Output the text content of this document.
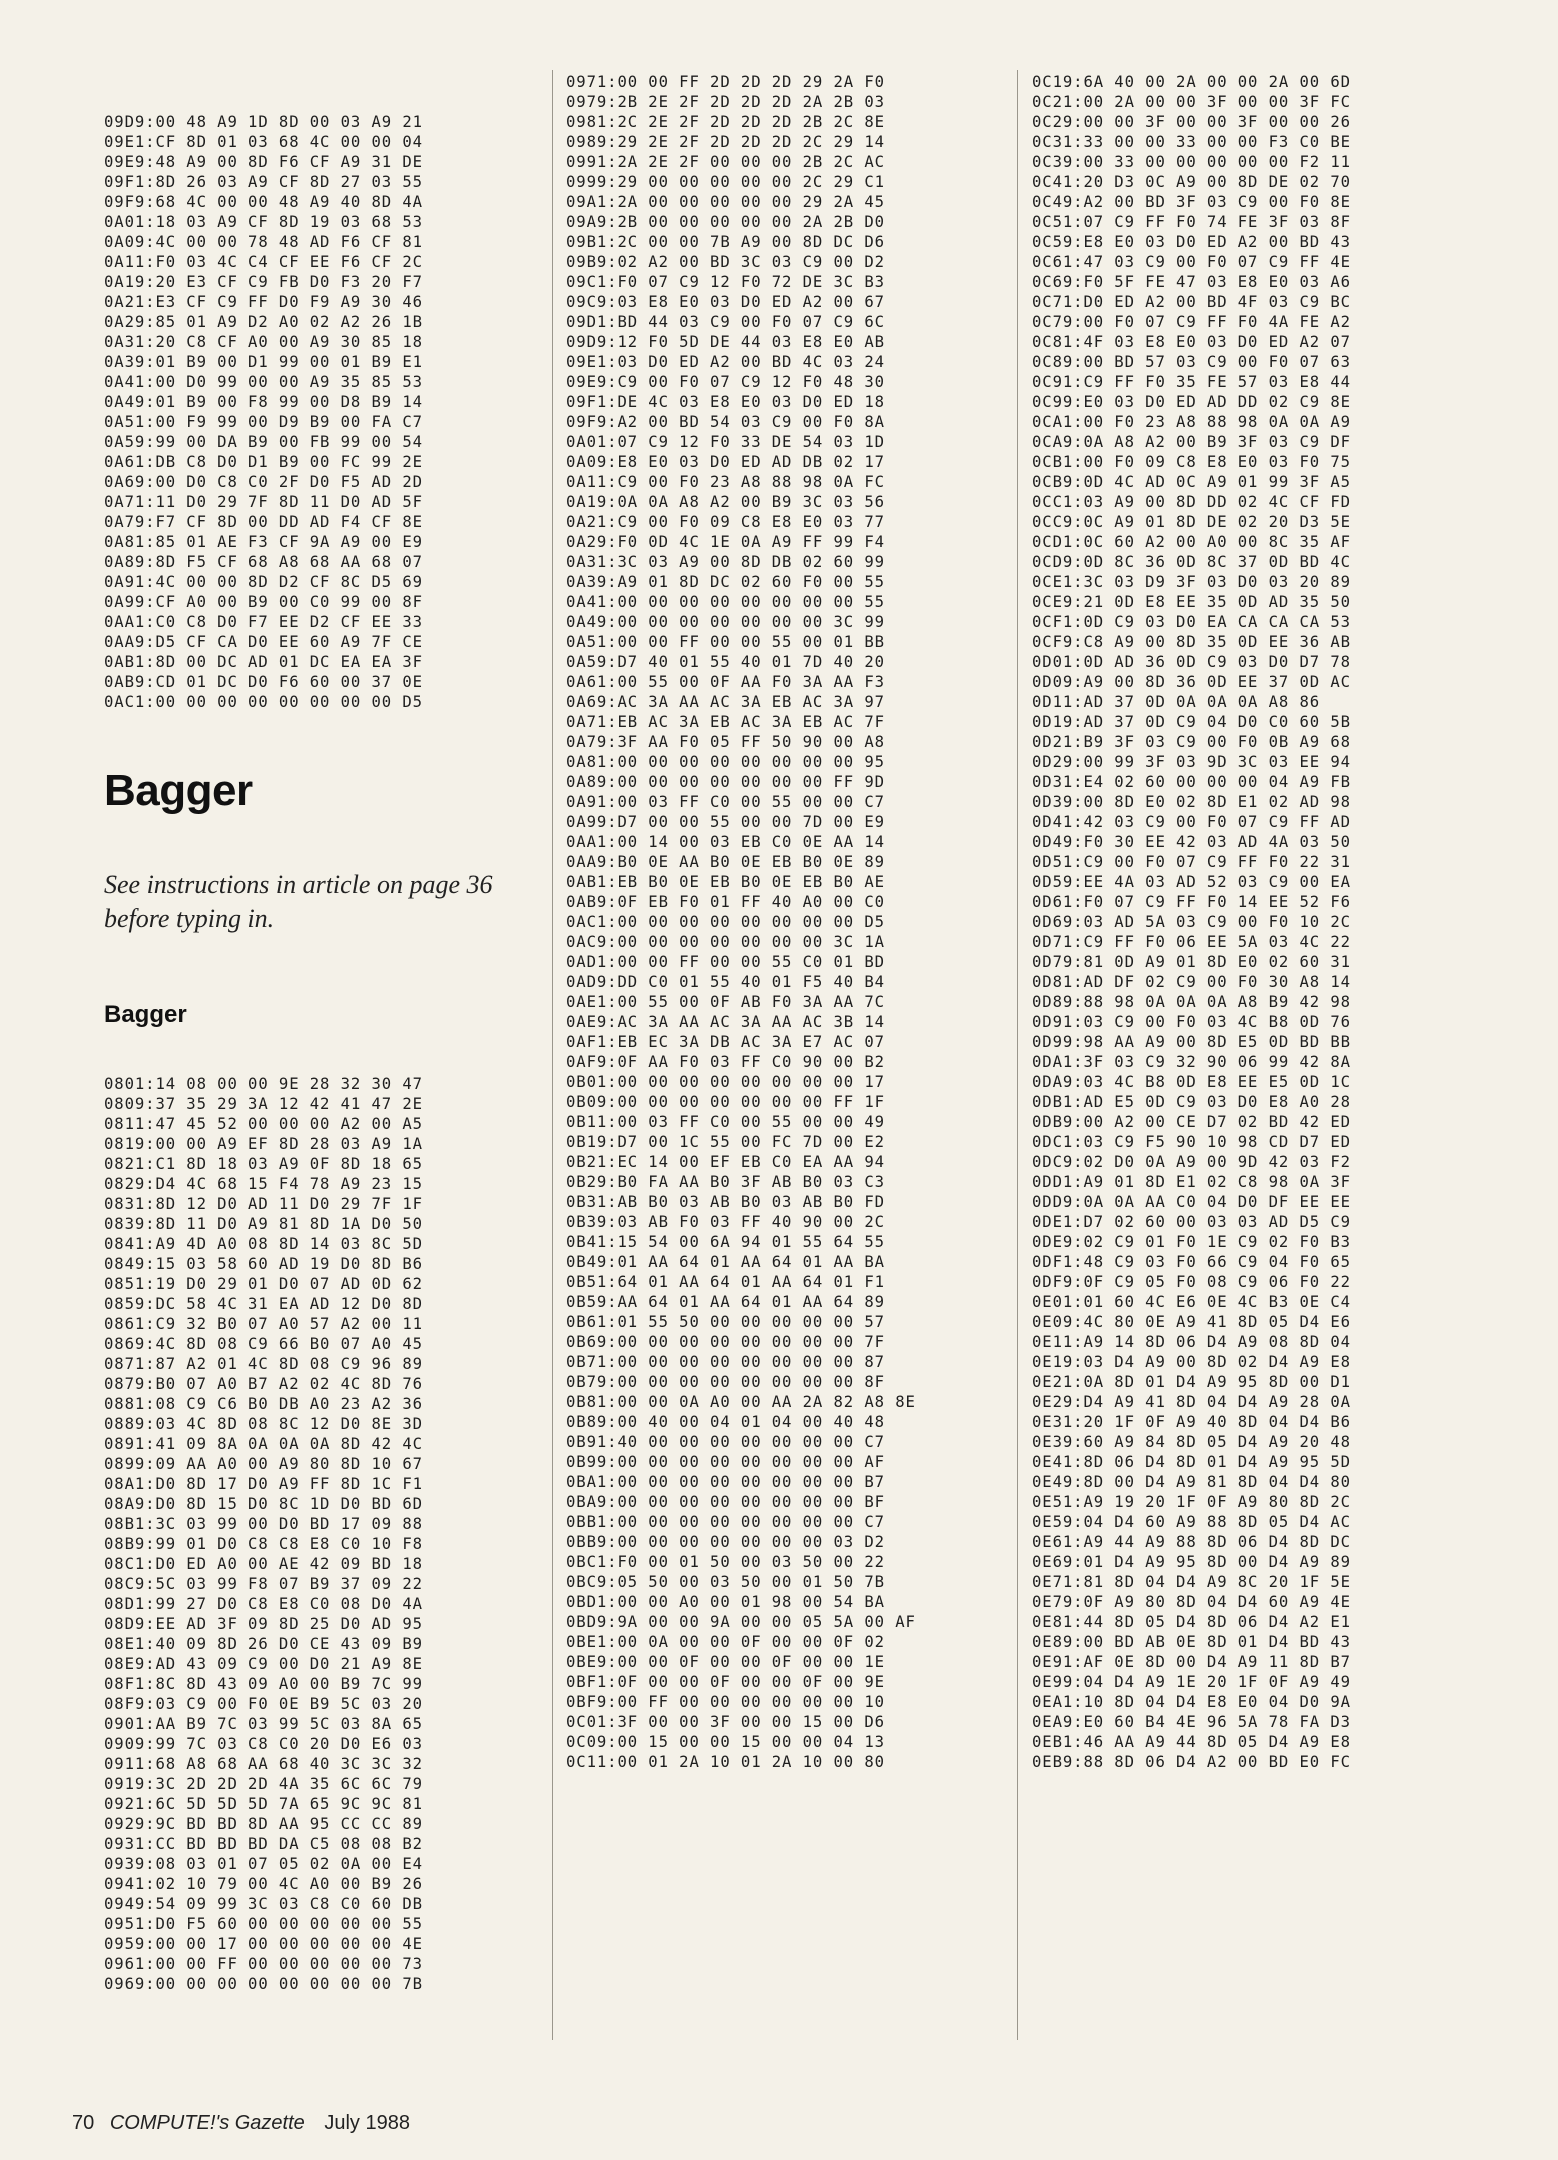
09D9:00 48 A9 1D 8D 00 03 A9 21
09E1:CF 8D 01 03 68 4C 00 00 04
09E9:48 A9 00 8D F6 CF A9 31 DE
09F1:8D 26 03 A9 CF 8D 27 03 55
09F9:68 4C 00 00 48 A9 40 8D 4A
0A01:18 03 A9 CF 8D 19 03 68 53
0A09:4C 00 00 78 48 AD F6 CF 81
0A11:F0 03 4C C4 CF EE F6 CF 2C
0A19:20 E3 CF C9 FB D0 F3 20 F7
0A21:E3 CF C9 FF D0 F9 A9 30 46
0A29:85 01 A9 D2 A0 02 A2 26 1B
0A31:20 C8 CF A0 00 A9 30 85 18
0A39:01 B9 00 D1 99 00 01 B9 E1
0A41:00 D0 99 00 00 A9 35 85 53
0A49:01 B9 00 F8 99 00 D8 B9 14
0A51:00 F9 99 00 D9 B9 00 FA C7
0A59:99 00 DA B9 00 FB 99 00 54
0A61:DB C8 D0 D1 B9 00 FC 99 2E
0A69:00 D0 C8 C0 2F D0 F5 AD 2D
0A71:11 D0 29 7F 8D 11 D0 AD 5F
0A79:F7 CF 8D 00 DD AD F4 CF 8E
0A81:85 01 AE F3 CF 9A A9 00 E9
0A89:8D F5 CF 68 A8 68 AA 68 07
0A91:4C 00 00 8D D2 CF 8C D5 69
0A99:CF A0 00 B9 00 C0 99 00 8F
0AA1:C0 C8 D0 F7 EE D2 CF EE 33
0AA9:D5 CF CA D0 EE 60 A9 7F CE
0AB1:8D 00 DC AD 01 DC EA EA 3F
0AB9:CD 01 DC D0 F6 60 00 37 0E
0AC1:00 00 00 00 00 00 00 00 D5

Bagger

See instructions in article on page 36 before typing in.

Bagger

0801:14 08 00 00 9E 28 32 30 47
0809:37 35 29 3A 12 42 41 47 2E
0811:47 45 52 00 00 00 A2 00 A5
0819:00 00 A9 EF 8D 28 03 A9 1A
0821:C1 8D 18 03 A9 0F 8D 18 65
0829:D4 4C 68 15 F4 78 A9 23 15
0831:8D 12 D0 AD 11 D0 29 7F 1F
0839:8D 11 D0 A9 81 8D 1A D0 50
0841:A9 4D A0 08 8D 14 03 8C 5D
0849:15 03 58 60 AD 19 D0 8D B6
0851:19 D0 29 01 D0 07 AD 0D 62
0859:DC 58 4C 31 EA AD 12 D0 8D
0861:C9 32 B0 07 A0 57 A2 00 11
0869:4C 8D 08 C9 66 B0 07 A0 45
0871:87 A2 01 4C 8D 08 C9 96 89
0879:B0 07 A0 B7 A2 02 4C 8D 76
0881:08 C9 C6 B0 DB A0 23 A2 36
0889:03 4C 8D 08 8C 12 D0 8E 3D
0891:41 09 8A 0A 0A 0A 8D 42 4C
0899:09 AA A0 00 A9 80 8D 10 67
08A1:D0 8D 17 D0 A9 FF 8D 1C F1
08A9:D0 8D 15 D0 8C 1D D0 BD 6D
08B1:3C 03 99 00 D0 BD 17 09 88
08B9:99 01 D0 C8 C8 E8 C0 10 F8
08C1:D0 ED A0 00 AE 42 09 BD 18
08C9:5C 03 99 F8 07 B9 37 09 22
08D1:99 27 D0 C8 E8 C0 08 D0 4A
08D9:EE AD 3F 09 8D 25 D0 AD 95
08E1:40 09 8D 26 D0 CE 43 09 B9
08E9:AD 43 09 C9 00 D0 21 A9 8E
08F1:8C 8D 43 09 A0 00 B9 7C 99
08F9:03 C9 00 F0 0E B9 5C 03 20
0901:AA B9 7C 03 99 5C 03 8A 65
0909:99 7C 03 C8 C0 20 D0 E6 03
0911:68 A8 68 AA 68 40 3C 3C 32
0919:3C 2D 2D 2D 4A 35 6C 6C 79
0921:6C 5D 5D 5D 7A 65 9C 9C 81
0929:9C BD BD 8D AA 95 CC CC 89
0931:CC BD BD BD DA C5 08 08 B2
0939:08 03 01 07 05 02 0A 00 E4
0941:02 10 79 00 4C A0 00 B9 26
0949:54 09 99 3C 03 C8 C0 60 DB
0951:D0 F5 60 00 00 00 00 00 55
0959:00 00 17 00 00 00 00 00 4E
0961:00 00 FF 00 00 00 00 00 73
0969:00 00 00 00 00 00 00 00 7B

0971:00 00 FF 2D 2D 2D 29 2A F0
0979:2B 2E 2F 2D 2D 2D 2A 2B 03
0981:2C 2E 2F 2D 2D 2D 2B 2C 8E
0989:29 2E 2F 2D 2D 2D 2C 29 14
0991:2A 2E 2F 00 00 00 2B 2C AC
0999:29 00 00 00 00 00 2C 29 C1
09A1:2A 00 00 00 00 00 29 2A 45
09A9:2B 00 00 00 00 00 2A 2B D0
09B1:2C 00 00 7B A9 00 8D DC D6
09B9:02 A2 00 BD 3C 03 C9 00 D2
09C1:F0 07 C9 12 F0 72 DE 3C B3
09C9:03 E8 E0 03 D0 ED A2 00 67
09D1:BD 44 03 C9 00 F0 07 C9 6C
09D9:12 F0 5D DE 44 03 E8 E0 AB
09E1:03 D0 ED A2 00 BD 4C 03 24
09E9:C9 00 F0 07 C9 12 F0 48 30
09F1:DE 4C 03 E8 E0 03 D0 ED 18
09F9:A2 00 BD 54 03 C9 00 F0 8A
0A01:07 C9 12 F0 33 DE 54 03 1D
0A09:E8 E0 03 D0 ED AD DB 02 17
0A11:C9 00 F0 23 A8 88 98 0A FC
0A19:0A 0A A8 A2 00 B9 3C 03 56
0A21:C9 00 F0 09 C8 E8 E0 03 77
0A29:F0 0D 4C 1E 0A A9 FF 99 F4
0A31:3C 03 A9 00 8D DB 02 60 99
0A39:A9 01 8D DC 02 60 F0 00 55
0A41:00 00 00 00 00 00 00 00 55
0A49:00 00 00 00 00 00 00 3C 99
0A51:00 00 FF 00 00 55 00 01 BB
0A59:D7 40 01 55 40 01 7D 40 20
0A61:00 55 00 0F AA F0 3A AA F3
0A69:AC 3A AA AC 3A EB AC 3A 97
0A71:EB AC 3A EB AC 3A EB AC 7F
0A79:3F AA F0 05 FF 50 90 00 A8
0A81:00 00 00 00 00 00 00 00 95
0A89:00 00 00 00 00 00 00 FF 9D
0A91:00 03 FF C0 00 55 00 00 C7
0A99:D7 00 00 55 00 00 7D 00 E9
0AA1:00 14 00 03 EB C0 0E AA 14
0AA9:B0 0E AA B0 0E EB B0 0E 89
0AB1:EB B0 0E EB B0 0E EB B0 AE
0AB9:0F EB F0 01 FF 40 A0 00 C0
0AC1:00 00 00 00 00 00 00 00 D5
0AC9:00 00 00 00 00 00 00 3C 1A
0AD1:00 00 FF 00 00 55 C0 01 BD
0AD9:DD C0 01 55 40 01 F5 40 B4
0AE1:00 55 00 0F AB F0 3A AA 7C
0AE9:AC 3A AA AC 3A AA AC 3B 14
0AF1:EB EC 3A DB AC 3A E7 AC 07
0AF9:0F AA F0 03 FF C0 90 00 B2
0B01:00 00 00 00 00 00 00 00 17
0B09:00 00 00 00 00 00 00 FF 1F
0B11:00 03 FF C0 00 55 00 00 49
0B19:D7 00 1C 55 00 FC 7D 00 E2
0B21:EC 14 00 EF EB C0 EA AA 94
0B29:B0 FA AA B0 3F AB B0 03 C3
0B31:AB B0 03 AB B0 03 AB B0 FD
0B39:03 AB F0 03 FF 40 90 00 2C
0B41:15 54 00 6A 94 01 55 64 55
0B49:01 AA 64 01 AA 64 01 AA BA
0B51:64 01 AA 64 01 AA 64 01 F1
0B59:AA 64 01 AA 64 01 AA 64 89
0B61:01 55 50 00 00 00 00 00 57
0B69:00 00 00 00 00 00 00 00 7F
0B71:00 00 00 00 00 00 00 00 87
0B79:00 00 00 00 00 00 00 00 8F
0B81:00 00 0A A0 00 AA 2A 82 A8 8E
0B89:00 40 00 04 01 04 00 40 48
0B91:40 00 00 00 00 00 00 00 C7
0B99:00 00 00 00 00 00 00 00 AF
0BA1:00 00 00 00 00 00 00 00 B7
0BA9:00 00 00 00 00 00 00 00 BF
0BB1:00 00 00 00 00 00 00 00 C7
0BB9:00 00 00 00 00 00 00 03 D2
0BC1:F0 00 01 50 00 03 50 00 22
0BC9:05 50 00 03 50 00 01 50 7B
0BD1:00 00 A0 00 01 98 00 54 BA
0BD9:9A 00 00 9A 00 00 05 5A 00 AF
0BE1:00 0A 00 00 0F 00 00 0F 02
0BE9:00 00 0F 00 00 0F 00 00 1E
0BF1:0F 00 00 0F 00 00 0F 00 9E
0BF9:00 FF 00 00 00 00 00 00 10
0C01:3F 00 00 3F 00 00 15 00 D6
0C09:00 15 00 00 15 00 00 04 13
0C11:00 01 2A 10 01 2A 10 00 80
0C19:6A 40 00 2A 00 00 2A 00 6D
0C21:00 2A 00 00 3F 00 00 3F FC
0C29:00 00 3F 00 00 3F 00 00 26
0C31:33 00 00 33 00 00 F3 C0 BE
0C39:00 33 00 00 00 00 00 F2 11
0C41:20 D3 0C A9 00 8D DE 02 70
0C49:A2 00 BD 3F 03 C9 00 F0 8E
0C51:07 C9 FF F0 74 FE 3F 03 8F
0C59:E8 E0 03 D0 ED A2 00 BD 43
0C61:47 03 C9 00 F0 07 C9 FF 4E
0C69:F0 5F FE 47 03 E8 E0 03 A6
0C71:D0 ED A2 00 BD 4F 03 C9 BC
0C79:00 F0 07 C9 FF F0 4A FE A2
0C81:4F 03 E8 E0 03 D0 ED A2 07
0C89:00 BD 57 03 C9 00 F0 07 63
0C91:C9 FF F0 35 FE 57 03 E8 44
0C99:E0 03 D0 ED AD DD 02 C9 8E
0CA1:00 F0 23 A8 88 98 0A 0A A9
0CA9:0A A8 A2 00 B9 3F 03 C9 DF
0CB1:00 F0 09 C8 E8 E0 03 F0 75
0CB9:0D 4C AD 0C A9 01 99 3F A5
0CC1:03 A9 00 8D DD 02 4C CF FD
0CC9:0C A9 01 8D DE 02 20 D3 5E
0CD1:0C 60 A2 00 A0 00 8C 35 AF
0CD9:0D 8C 36 0D 8C 37 0D BD 4C
0CE1:3C 03 D9 3F 03 D0 03 20 89
0CE9:21 0D E8 EE 35 0D AD 35 50
0CF1:0D C9 03 D0 EA CA CA CA 53
0CF9:C8 A9 00 8D 35 0D EE 36 AB
0D01:0D AD 36 0D C9 03 D0 D7 78
0D09:A9 00 8D 36 0D EE 37 0D AC
0D11:AD 37 0D 0A 0A 0A A8 86
0D19:AD 37 0D C9 04 D0 C0 60 5B
0D21:B9 3F 03 C9 00 F0 0B A9 68
0D29:00 99 3F 03 9D 3C 03 EE 94
0D31:E4 02 60 00 00 00 04 A9 FB
0D39:00 8D E0 02 8D E1 02 AD 98
0D41:42 03 C9 00 F0 07 C9 FF AD
0D49:F0 30 EE 42 03 AD 4A 03 50
0D51:C9 00 F0 07 C9 FF F0 22 31
0D59:EE 4A 03 AD 52 03 C9 00 EA
0D61:F0 07 C9 FF F0 14 EE 52 F6
0D69:03 AD 5A 03 C9 00 F0 10 2C
0D71:C9 FF F0 06 EE 5A 03 4C 22
0D79:81 0D A9 01 8D E0 02 60 31
0D81:AD DF 02 C9 00 F0 30 A8 14
0D89:88 98 0A 0A 0A A8 B9 42 98
0D91:03 C9 00 F0 03 4C B8 0D 76
0D99:98 AA A9 00 8D E5 0D BD BB
0DA1:3F 03 C9 32 90 06 99 42 8A
0DA9:03 4C B8 0D E8 EE E5 0D 1C
0DB1:AD E5 0D C9 03 D0 E8 A0 28
0DB9:00 A2 00 CE D7 02 BD 42 ED
0DC1:03 C9 F5 90 10 98 CD D7 ED
0DC9:02 D0 0A A9 00 9D 42 03 F2
0DD1:A9 01 8D E1 02 C8 98 0A 3F
0DD9:0A 0A AA C0 04 D0 DF EE EE
0DE1:D7 02 60 00 03 03 AD D5 C9
0DE9:02 C9 01 F0 1E C9 02 F0 B3
0DF1:48 C9 03 F0 66 C9 04 F0 65
0DF9:0F C9 05 F0 08 C9 06 F0 22
0E01:01 60 4C E6 0E 4C B3 0E C4
0E09:4C 80 0E A9 41 8D 05 D4 E6
0E11:A9 14 8D 06 D4 A9 08 8D 04
0E19:03 D4 A9 00 8D 02 D4 A9 E8
0E21:0A 8D 01 D4 A9 95 8D 00 D1
0E29:D4 A9 41 8D 04 D4 A9 28 0A
0E31:20 1F 0F A9 40 8D 04 D4 B6
0E39:60 A9 84 8D 05 D4 A9 20 48
0E41:8D 06 D4 8D 01 D4 A9 95 5D
0E49:8D 00 D4 A9 81 8D 04 D4 80
0E51:A9 19 20 1F 0F A9 80 8D 2C
0E59:04 D4 60 A9 88 8D 05 D4 AC
0E61:A9 44 A9 88 8D 06 D4 8D DC
0E69:01 D4 A9 95 8D 00 D4 A9 89
0E71:81 8D 04 D4 A9 8C 20 1F 5E
0E79:0F A9 80 8D 04 D4 60 A9 4E
0E81:44 8D 05 D4 8D 06 D4 A2 E1
0E89:00 BD AB 0E 8D 01 D4 BD 43
0E91:AF 0E 8D 00 D4 A9 11 8D B7
0E99:04 D4 A9 1E 20 1F 0F A9 49
0EA1:10 8D 04 D4 E8 E0 04 D0 9A
0EA9:E0 60 B4 4E 96 5A 78 FA D3
0EB1:46 AA A9 44 8D 05 D4 A9 E8
0EB9:88 8D 06 D4 A2 00 BD E0 FC
70 COMPUTE!'s Gazette July 1988
